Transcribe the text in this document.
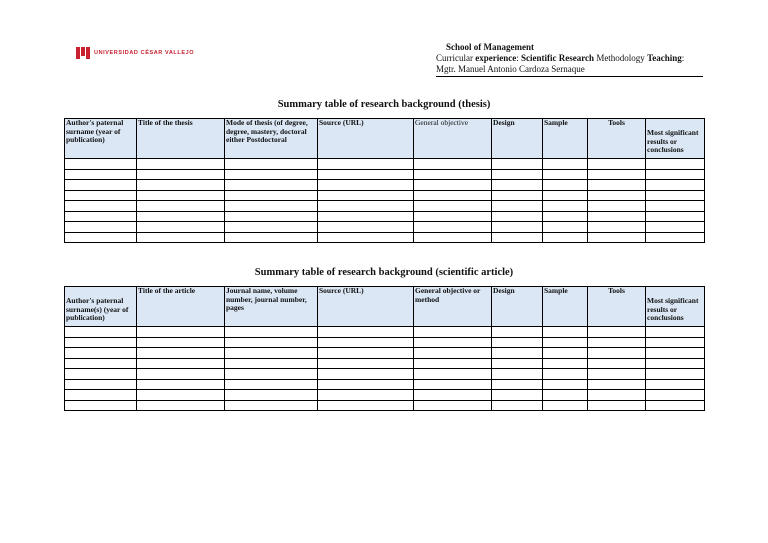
UNIVERSIDAD CÉSAR VALLEJO
School of Management
Curricular experience: Scientific Research Methodology Teaching:
Mgtr. Manuel Antonio Cardoza Sernaque
Summary table of research background (thesis)
Author's paternal surname (year of publication)	Title of the thesis	Mode of thesis (of degree, degree, mastery, doctoral either Postdoctoral	Source (URL)	General objective	Design	Sample	Tools	Most significant results or conclusions

Summary table of research background (scientific article)
Author's paternal surname(s) (year of publication)	Title of the article	Journal name, volume number, journal number, pages	Source (URL)	General objective or method	Design	Sample	Tools	Most significant results or conclusions
